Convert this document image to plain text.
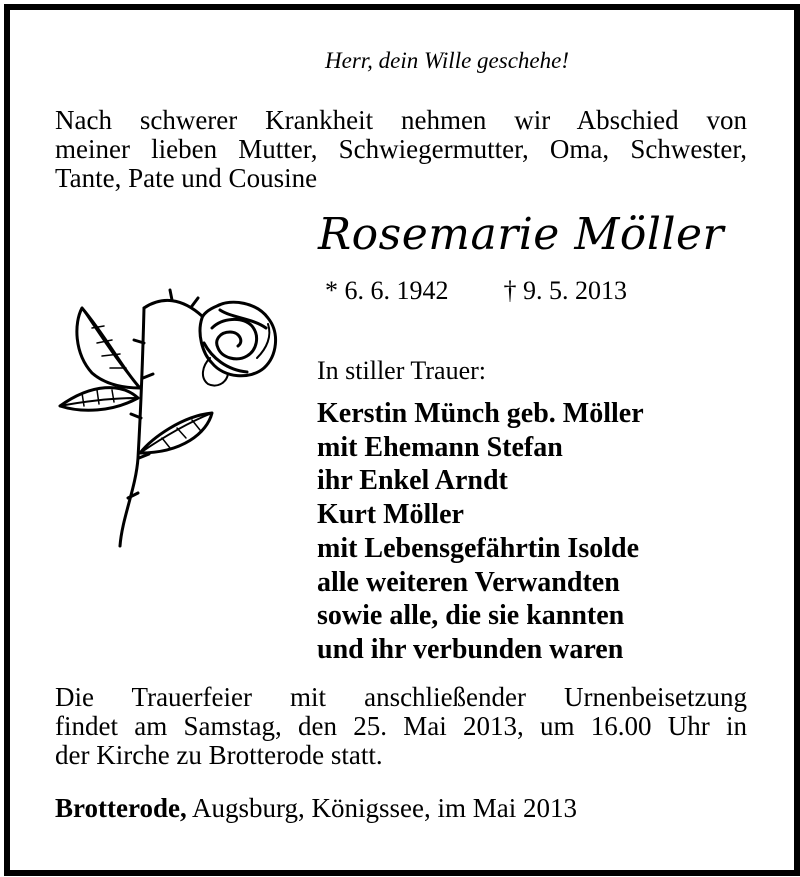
Herr, dein Wille geschehe!
Nach schwerer Krankheit nehmen wir Abschied von
meiner lieben Mutter, Schwiegermutter, Oma, Schwester,
Tante, Pate und Cousine
Rosemarie Möller
* 6. 6. 1942 † 9. 5. 2013
In stiller Trauer:
Kerstin Münch geb. Möller
mit Ehemann Stefan
ihr Enkel Arndt
Kurt Möller
mit Lebensgefährtin Isolde
alle weiteren Verwandten
sowie alle, die sie kannten
und ihr verbunden waren
Die Trauerfeier mit anschließender Urnenbeisetzung
findet am Samstag, den 25. Mai 2013, um 16.00 Uhr in
der Kirche zu Brotterode statt.
Brotterode, Augsburg, Königssee, im Mai 2013
